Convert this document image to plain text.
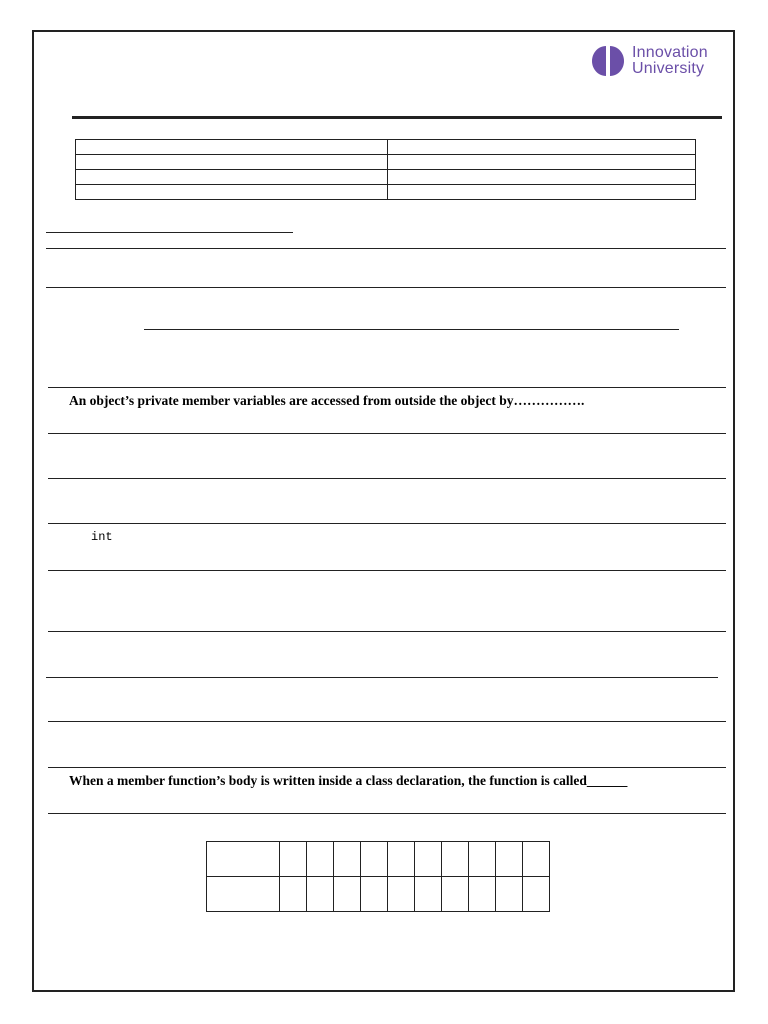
Innovation
University

An object’s private member variables are accessed from outside the object by…………….
int
When a member function’s body is written inside a class declaration, the function is called______
